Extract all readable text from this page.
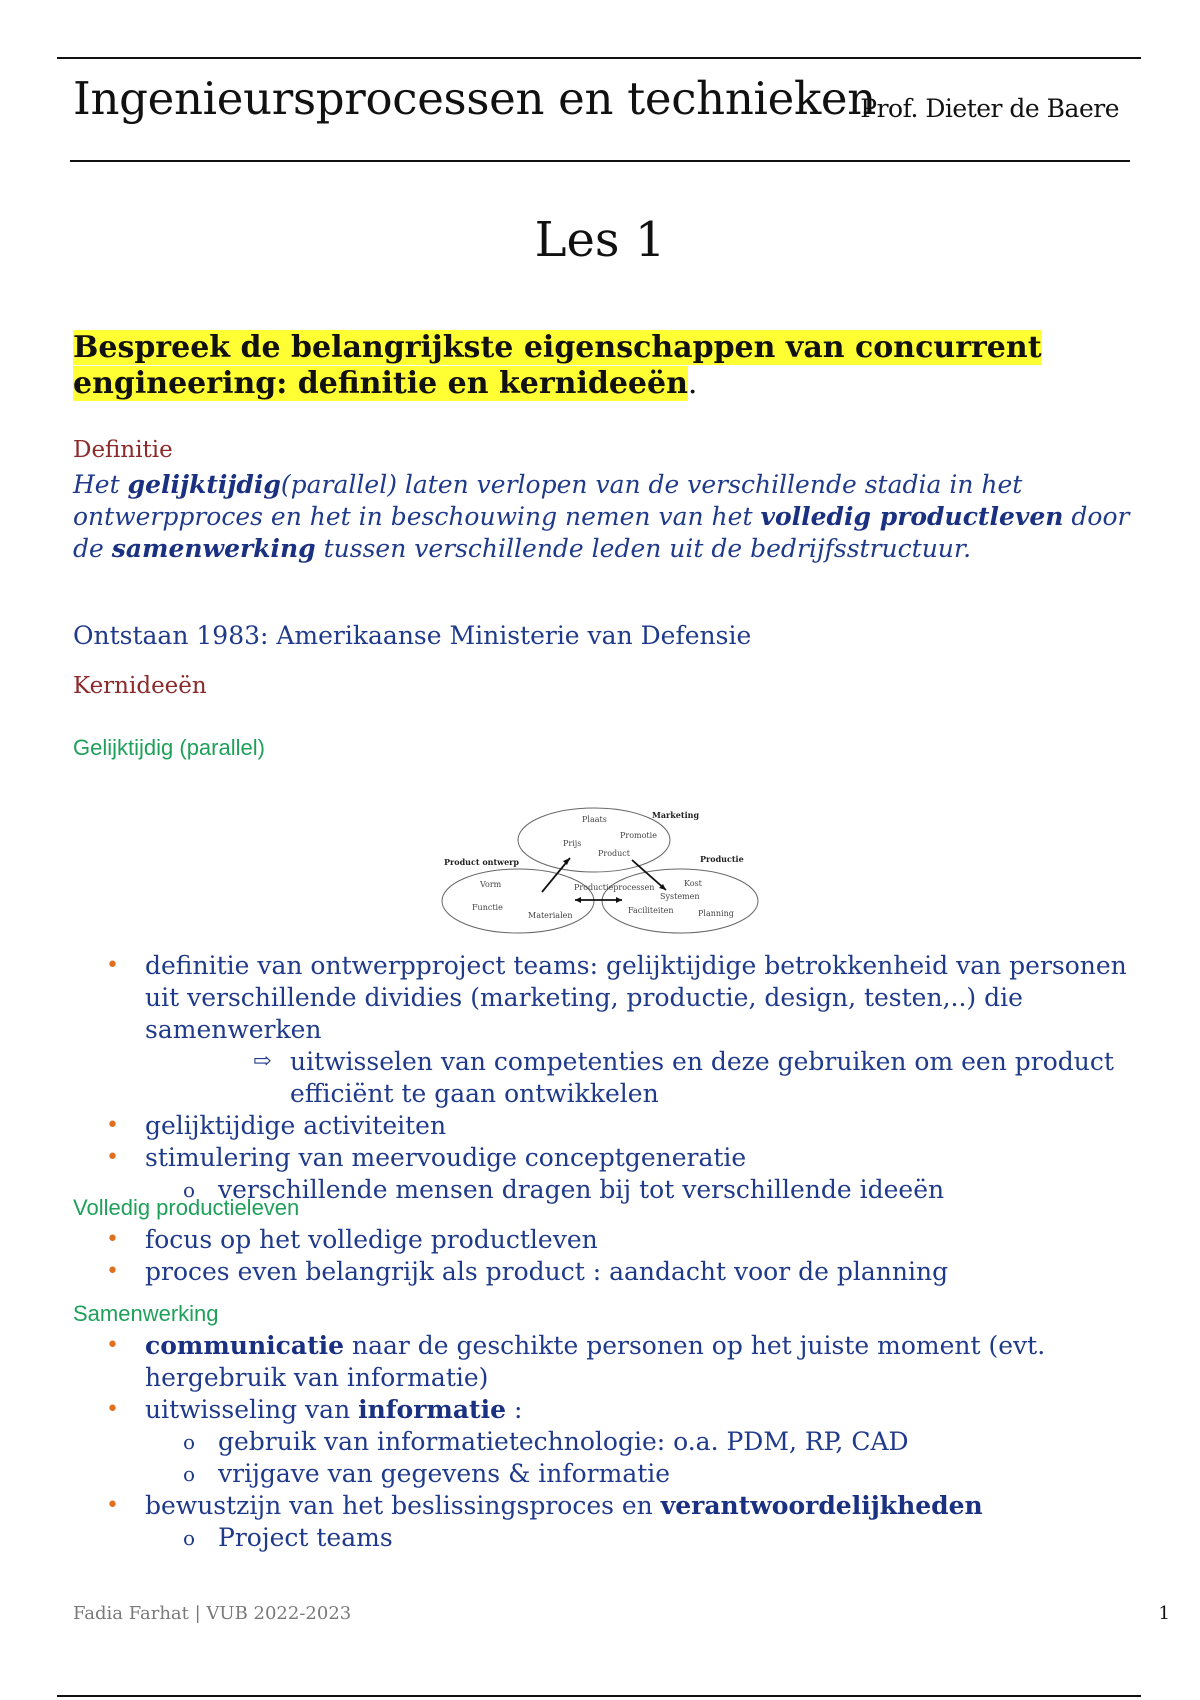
Ingenieursprocessen en technieken
Prof. Dieter de Baere
Les 1
Bespreek de belangrijkste eigenschappen van concurrent engineering: definitie en kernideeën.
Definitie
Het gelijktijdig(parallel) laten verlopen van de verschillende stadia in het ontwerpproces en het in beschouwing nemen van het volledig productleven door de samenwerking tussen verschillende leden uit de bedrijfsstructuur.
Ontstaan 1983: Amerikaanse Ministerie van Defensie
Kernideeën
Gelijktijdig (parallel)
Marketing
Productie
Product ontwerp
Plaats
Promotie
Prijs
Product
Vorm
Functie
Materialen
Productieprocessen	Kost
Systemen
Faciliteiten	Planning
• definitie van ontwerpproject teams: gelijktijdige betrokkenheid van personen uit verschillende dividies (marketing, productie, design, testen,..) die samenwerken
⇨ uitwisselen van competenties en deze gebruiken om een product efficiënt te gaan ontwikkelen
• gelijktijdige activiteiten
• stimulering van meervoudige conceptgeneratie
o verschillende mensen dragen bij tot verschillende ideeën
Volledig productieleven
• focus op het volledige productleven
• proces even belangrijk als product : aandacht voor de planning
Samenwerking
• communicatie naar de geschikte personen op het juiste moment (evt. hergebruik van informatie)
• uitwisseling van informatie :
o gebruik van informatietechnologie: o.a. PDM, RP, CAD
o vrijgave van gegevens & informatie
• bewustzijn van het beslissingsproces en verantwoordelijkheden
o Project teams
Fadia Farhat | VUB 2022-2023	1
